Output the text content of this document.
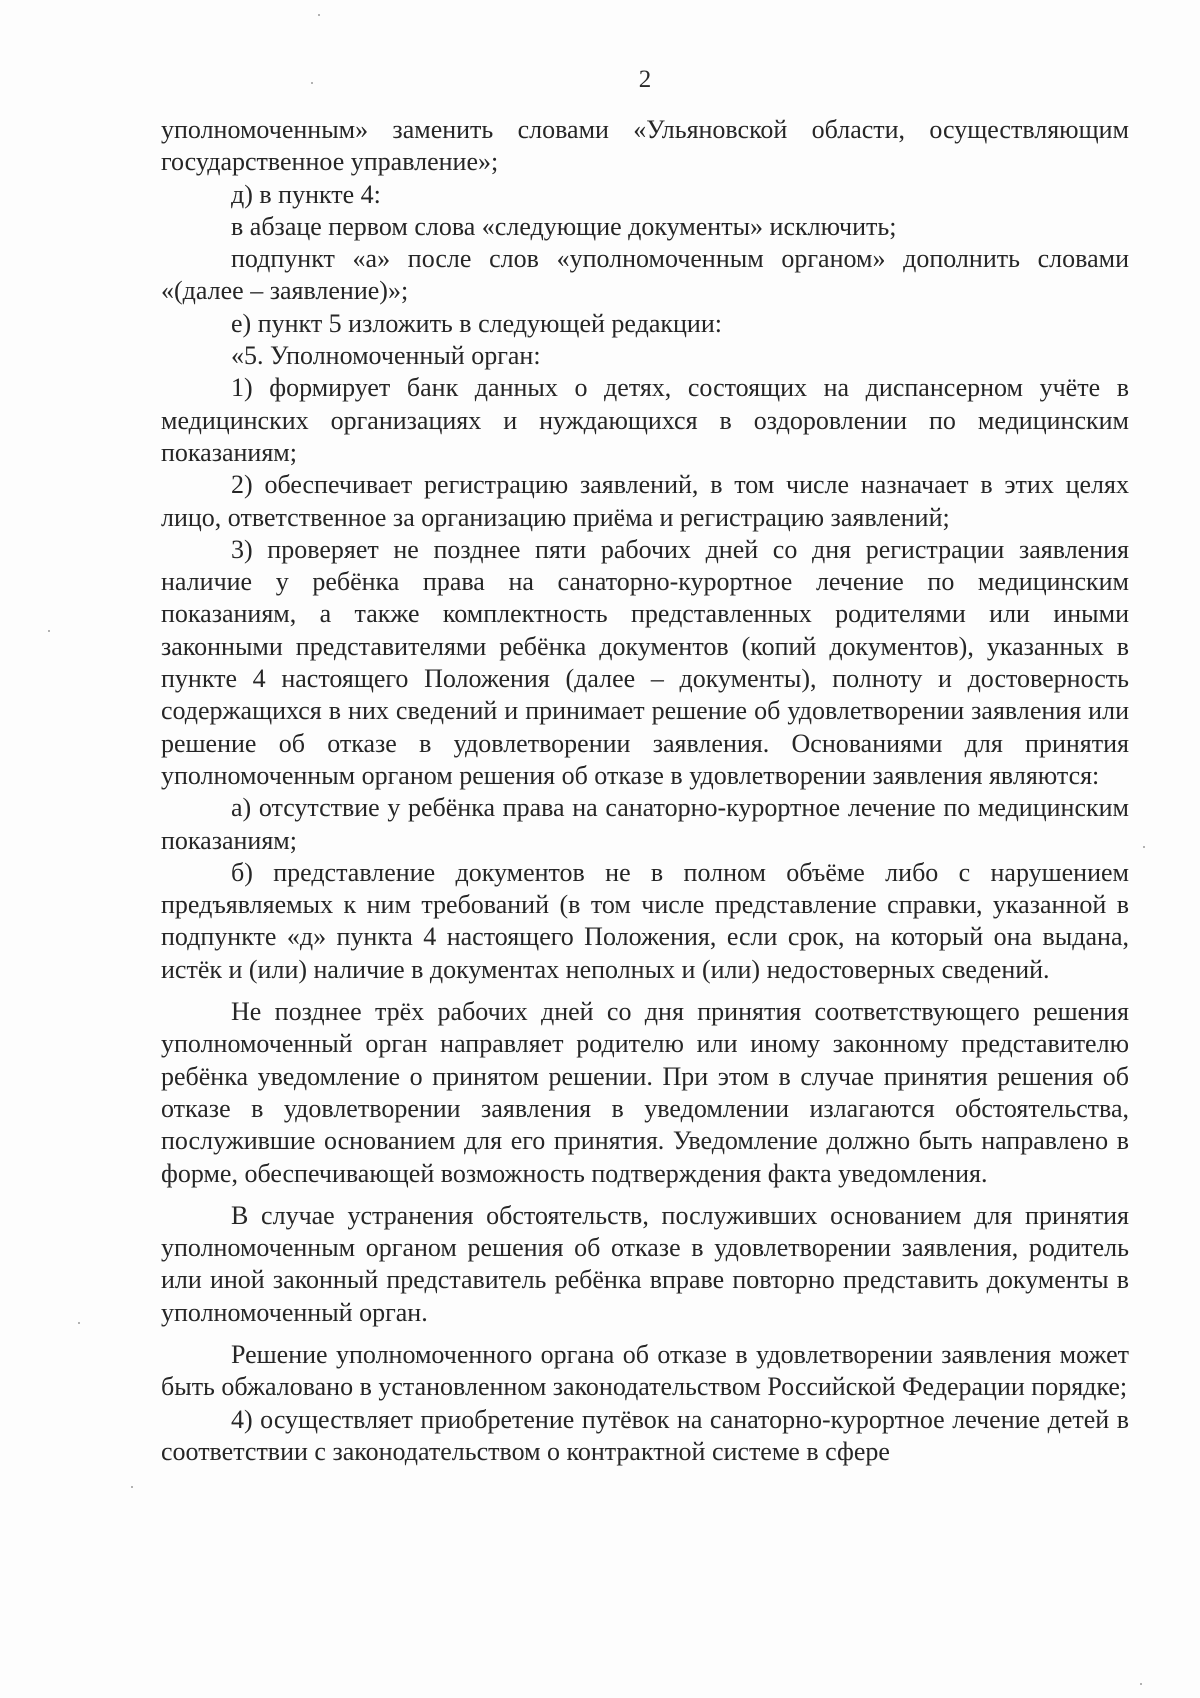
2

уполномоченным» заменить словами «Ульяновской области, осуществляющим государственное управление»;

д) в пункте 4:

в абзаце первом слова «следующие документы» исключить;

подпункт «а» после слов «уполномоченным органом» дополнить словами «(далее – заявление)»;

е) пункт 5 изложить в следующей редакции:

«5. Уполномоченный орган:

1) формирует банк данных о детях, состоящих на диспансерном учёте в медицинских организациях и нуждающихся в оздоровлении по медицинским показаниям;

2) обеспечивает регистрацию заявлений, в том числе назначает в этих целях лицо, ответственное за организацию приёма и регистрацию заявлений;

3) проверяет не позднее пяти рабочих дней со дня регистрации заявления наличие у ребёнка права на санаторно-курортное лечение по медицинским показаниям, а также комплектность представленных родителями или иными законными представителями ребёнка документов (копий документов), указанных в пункте 4 настоящего Положения (далее – документы), полноту и достоверность содержащихся в них сведений и принимает решение об удовлетворении заявления или решение об отказе в удовлетворении заявления. Основаниями для принятия уполномоченным органом решения об отказе в удовлетворении заявления являются:

а) отсутствие у ребёнка права на санаторно-курортное лечение по медицинским показаниям;

б) представление документов не в полном объёме либо с нарушением предъявляемых к ним требований (в том числе представление справки, указанной в подпункте «д» пункта 4 настоящего Положения, если срок, на который она выдана, истёк и (или) наличие в документах неполных и (или) недостоверных сведений.

Не позднее трёх рабочих дней со дня принятия соответствующего решения уполномоченный орган направляет родителю или иному законному представителю ребёнка уведомление о принятом решении. При этом в случае принятия решения об отказе в удовлетворении заявления в уведомлении излагаются обстоятельства, послужившие основанием для его принятия. Уведомление должно быть направлено в форме, обеспечивающей возможность подтверждения факта уведомления.

В случае устранения обстоятельств, послуживших основанием для принятия уполномоченным органом решения об отказе в удовлетворении заявления, родитель или иной законный представитель ребёнка вправе повторно представить документы в уполномоченный орган.

Решение уполномоченного органа об отказе в удовлетворении заявления может быть обжаловано в установленном законодательством Российской Федерации порядке;

4) осуществляет приобретение путёвок на санаторно-курортное лечение детей в соответствии с законодательством о контрактной системе в сфере
